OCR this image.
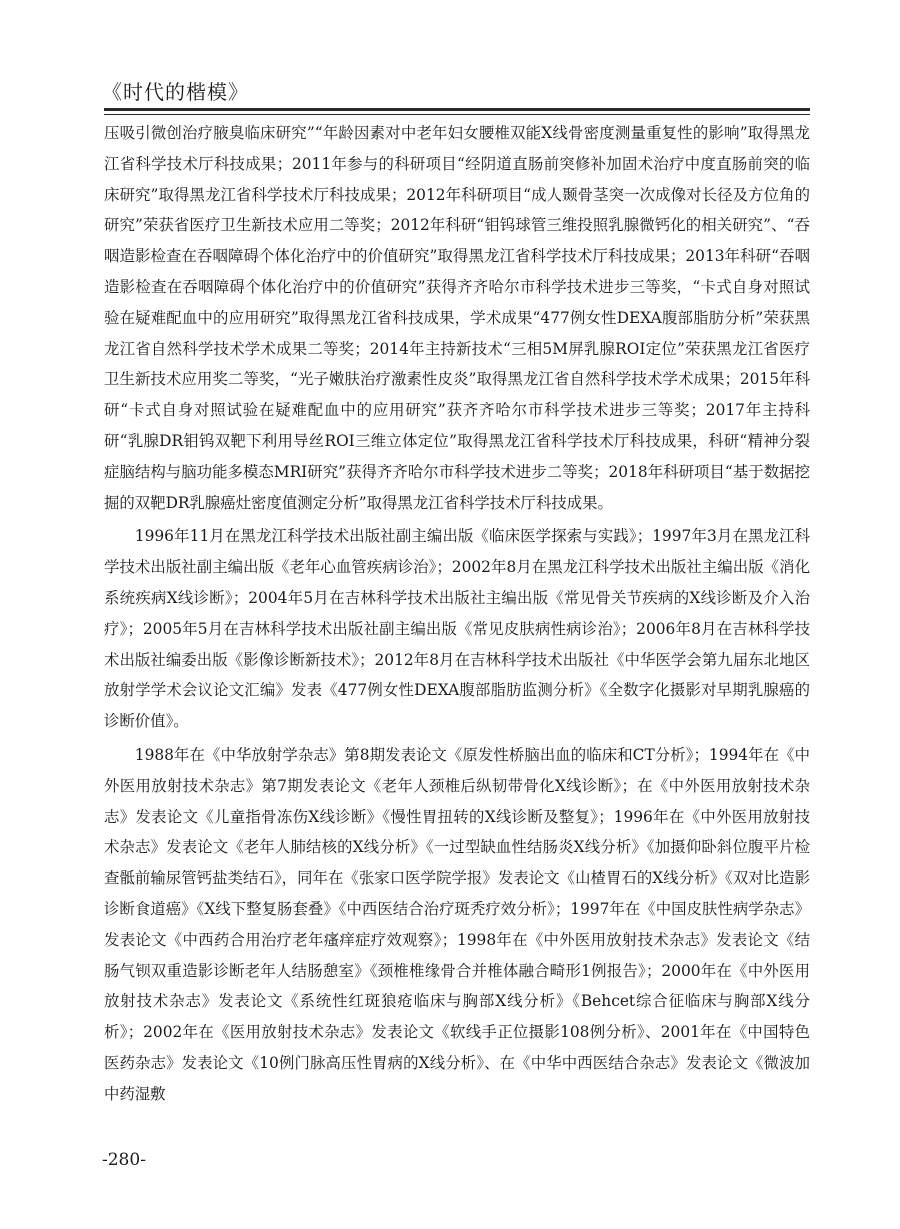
《时代的楷模》

压吸引微创治疗腋臭临床研究”“年龄因素对中老年妇女腰椎双能X线骨密度测量重复性的影响”取得黑龙江省科学技术厅科技成果；2011年参与的科研项目“经阴道直肠前突修补加固术治疗中度直肠前突的临床研究”取得黑龙江省科学技术厅科技成果；2012年科研项目“成人颞骨茎突一次成像对长径及方位角的研究”荣获省医疗卫生新技术应用二等奖；2012年科研“钼钨球管三维投照乳腺微钙化的相关研究”、“吞咽造影检查在吞咽障碍个体化治疗中的价值研究”取得黑龙江省科学技术厅科技成果；2013年科研“吞咽造影检查在吞咽障碍个体化治疗中的价值研究”获得齐齐哈尔市科学技术进步三等奖，“卡式自身对照试验在疑难配血中的应用研究”取得黑龙江省科技成果，学术成果“477例女性DEXA腹部脂肪分析”荣获黑龙江省自然科学技术学术成果二等奖；2014年主持新技术“三相5M屏乳腺ROI定位”荣获黑龙江省医疗卫生新技术应用奖二等奖，“光子嫩肤治疗激素性皮炎”取得黑龙江省自然科学技术学术成果；2015年科研“卡式自身对照试验在疑难配血中的应用研究”获齐齐哈尔市科学技术进步三等奖；2017年主持科研“乳腺DR钼钨双靶下利用导丝ROI三维立体定位”取得黑龙江省科学技术厅科技成果，科研“精神分裂症脑结构与脑功能多模态MRI研究”获得齐齐哈尔市科学技术进步二等奖；2018年科研项目“基于数据挖掘的双靶DR乳腺癌灶密度值测定分析”取得黑龙江省科学技术厅科技成果。

1996年11月在黑龙江科学技术出版社副主编出版《临床医学探索与实践》；1997年3月在黑龙江科学技术出版社副主编出版《老年心血管疾病诊治》；2002年8月在黑龙江科学技术出版社主编出版《消化系统疾病X线诊断》；2004年5月在吉林科学技术出版社主编出版《常见骨关节疾病的X线诊断及介入治疗》；2005年5月在吉林科学技术出版社副主编出版《常见皮肤病性病诊治》；2006年8月在吉林科学技术出版社编委出版《影像诊断新技术》；2012年8月在吉林科学技术出版社《中华医学会第九届东北地区放射学学术会议论文汇编》发表《477例女性DEXA腹部脂肪监测分析》《全数字化摄影对早期乳腺癌的诊断价值》。

1988年在《中华放射学杂志》第8期发表论文《原发性桥脑出血的临床和CT分析》；1994年在《中外医用放射技术杂志》第7期发表论文《老年人颈椎后纵韧带骨化X线诊断》；在《中外医用放射技术杂志》发表论文《儿童指骨冻伤X线诊断》《慢性胃扭转的X线诊断及整复》；1996年在《中外医用放射技术杂志》发表论文《老年人肺结核的X线分析》《一过型缺血性结肠炎X线分析》《加摄仰卧斜位腹平片检查骶前输尿管钙盐类结石》，同年在《张家口医学院学报》发表论文《山楂胃石的X线分析》《双对比造影诊断食道癌》《X线下整复肠套叠》《中西医结合治疗斑秃疗效分析》；1997年在《中国皮肤性病学杂志》发表论文《中西药合用治疗老年瘙痒症疗效观察》；1998年在《中外医用放射技术杂志》发表论文《结肠气钡双重造影诊断老年人结肠憩室》《颈椎椎缘骨合并椎体融合畸形1例报告》；2000年在《中外医用放射技术杂志》发表论文《系统性红斑狼疮临床与胸部X线分析》《Behcet综合征临床与胸部X线分析》；2002年在《医用放射技术杂志》发表论文《软线手正位摄影108例分析》、2001年在《中国特色医药杂志》发表论文《10例门脉高压性胃病的X线分析》、在《中华中西医结合杂志》发表论文《微波加中药湿敷

-280-
